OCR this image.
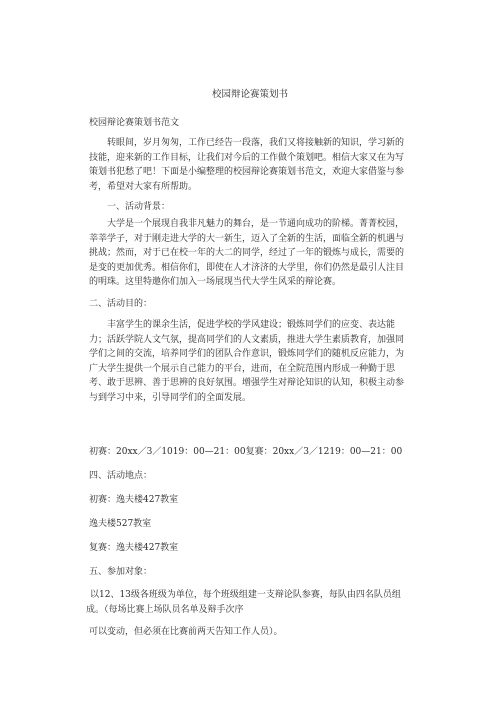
校园辩论赛策划书
校园辩论赛策划书范文

转眼间，岁月匆匆，工作已经告一段落，我们又将接触新的知识，学习新的技能，迎来新的工作目标，让我们对今后的工作做个策划吧。相信大家又在为写策划书犯愁了吧！下面是小编整理的校园辩论赛策划书范文，欢迎大家借鉴与参考，希望对大家有所帮助。

一、活动背景：

大学是一个展现自我非凡魅力的舞台，是一节通向成功的阶梯。菁菁校园，莘莘学子，对于刚走进大学的大一新生，迈入了全新的生活，面临全新的机遇与挑战；然而，对于已在校一年的大二的同学，经过了一年的锻炼与成长，需要的是变的更加优秀。相信你们，即使在人才济济的大学里，你们仍然是最引人注目的明珠。这里特邀你们加入一场展现当代大学生风采的辩论赛。

二、活动目的：

丰富学生的课余生活，促进学校的学风建设；锻炼同学们的应变、表达能力；活跃学院人文气氛，提高同学们的人文素质，推进大学生素质教育，加强同学们之间的交流，培养同学们的团队合作意识，锻炼同学们的随机反应能力，为广大学生提供一个展示自己能力的平台，进而，在全院范围内形成一种勤于思考、敢于思辨、善于思辨的良好氛围。增强学生对辩论知识的认知，积极主动参与到学习中来，引导同学们的全面发展。

初赛：20xx／3／1019：00—21：00复赛：20xx／3／1219：00—21：00
四、活动地点：
初赛：逸夫楼427教室
逸夫楼527教室
复赛：逸夫楼427教室
五、参加对象：

以12、13级各班级为单位，每个班级组建一支辩论队参赛，每队由四名队员组成。（每场比赛上场队员名单及辩手次序

可以变动，但必须在比赛前两天告知工作人员）。
